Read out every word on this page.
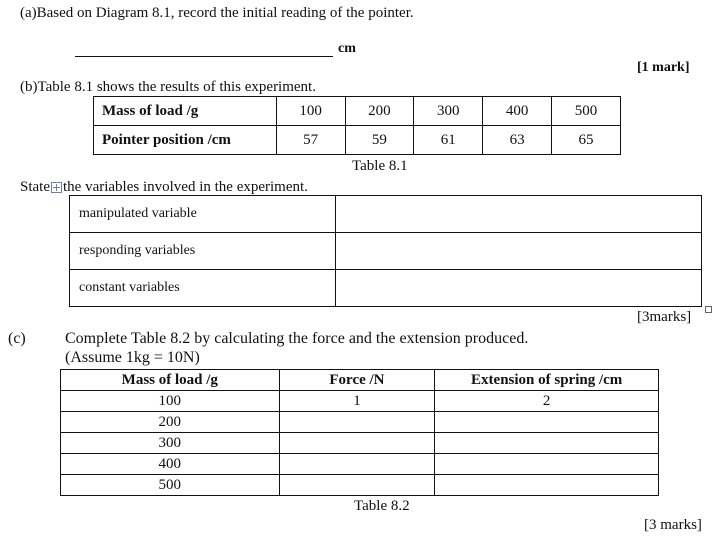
(a)Based on Diagram 8.1, record the initial reading of the pointer.
cm
[1 mark]
(b)Table 8.1 shows the results of this experiment.
Mass of load /g	100	200	300	400	500
Pointer position /cm	57	59	61	63	65
Table 8.1
State the variables involved in the experiment.
manipulated variable	
responding variables	
constant variables	
[3marks]
(c) Complete Table 8.2 by calculating the force and the extension produced.
(Assume 1kg = 10N)
Mass of load /g	Force /N	Extension of spring /cm
100	1	2
200		
300		
400		
500		
Table 8.2
[3 marks]
